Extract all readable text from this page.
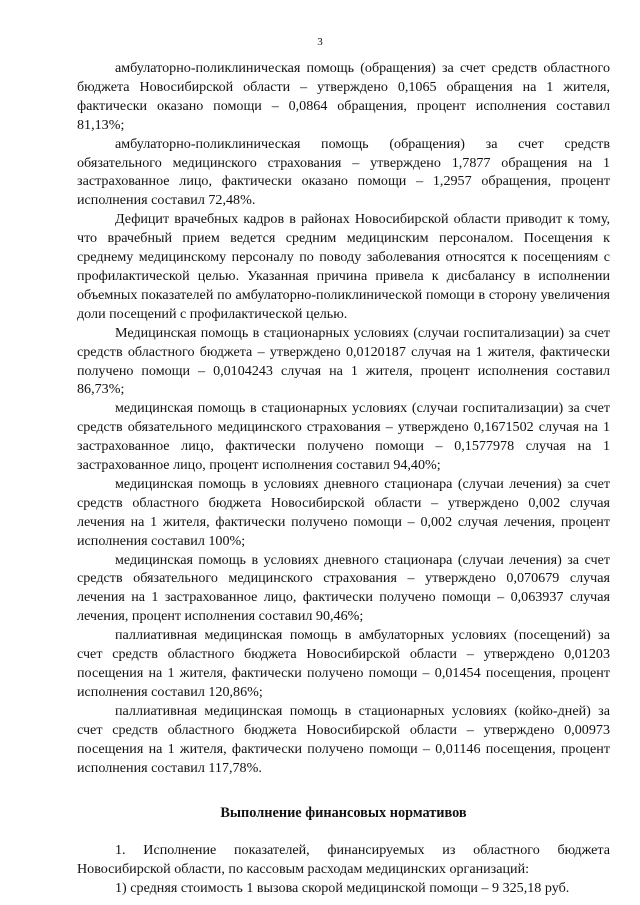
3

амбулаторно-поликлиническая помощь (обращения) за счет средств областного бюджета Новосибирской области – утверждено 0,1065 обращения на 1 жителя, фактически оказано помощи – 0,0864 обращения, процент исполнения составил 81,13%;

амбулаторно-поликлиническая помощь (обращения) за счет средств обязательного медицинского страхования – утверждено 1,7877 обращения на 1 застрахованное лицо, фактически оказано помощи – 1,2957 обращения, процент исполнения составил 72,48%.

Дефицит врачебных кадров в районах Новосибирской области приводит к тому, что врачебный прием ведется средним медицинским персоналом. Посещения к среднему медицинскому персоналу по поводу заболевания относятся к посещениям с профилактической целью. Указанная причина привела к дисбалансу в исполнении объемных показателей по амбулаторно-поликлинической помощи в сторону увеличения доли посещений с профилактической целью.

Медицинская помощь в стационарных условиях (случаи госпитализации) за счет средств областного бюджета – утверждено 0,0120187 случая на 1 жителя, фактически получено помощи – 0,0104243 случая на 1 жителя, процент исполнения составил 86,73%;

медицинская помощь в стационарных условиях (случаи госпитализации) за счет средств обязательного медицинского страхования – утверждено 0,1671502 случая на 1 застрахованное лицо, фактически получено помощи – 0,1577978 случая на 1 застрахованное лицо, процент исполнения составил 94,40%;

медицинская помощь в условиях дневного стационара (случаи лечения) за счет средств областного бюджета Новосибирской области – утверждено 0,002 случая лечения на 1 жителя, фактически получено помощи – 0,002 случая лечения, процент исполнения составил 100%;

медицинская помощь в условиях дневного стационара (случаи лечения) за счет средств обязательного медицинского страхования – утверждено 0,070679 случая лечения на 1 застрахованное лицо, фактически получено помощи – 0,063937 случая лечения, процент исполнения составил 90,46%;

паллиативная медицинская помощь в амбулаторных условиях (посещений) за счет средств областного бюджета Новосибирской области – утверждено 0,01203 посещения на 1 жителя, фактически получено помощи – 0,01454 посещения, процент исполнения составил 120,86%;

паллиативная медицинская помощь в стационарных условиях (койко-дней) за счет средств областного бюджета Новосибирской области – утверждено 0,00973 посещения на 1 жителя, фактически получено помощи – 0,01146 посещения, процент исполнения составил 117,78%.

Выполнение финансовых нормативов

1. Исполнение показателей, финансируемых из областного бюджета Новосибирской области, по кассовым расходам медицинских организаций:

1) средняя стоимость 1 вызова скорой медицинской помощи – 9 325,18 руб.
